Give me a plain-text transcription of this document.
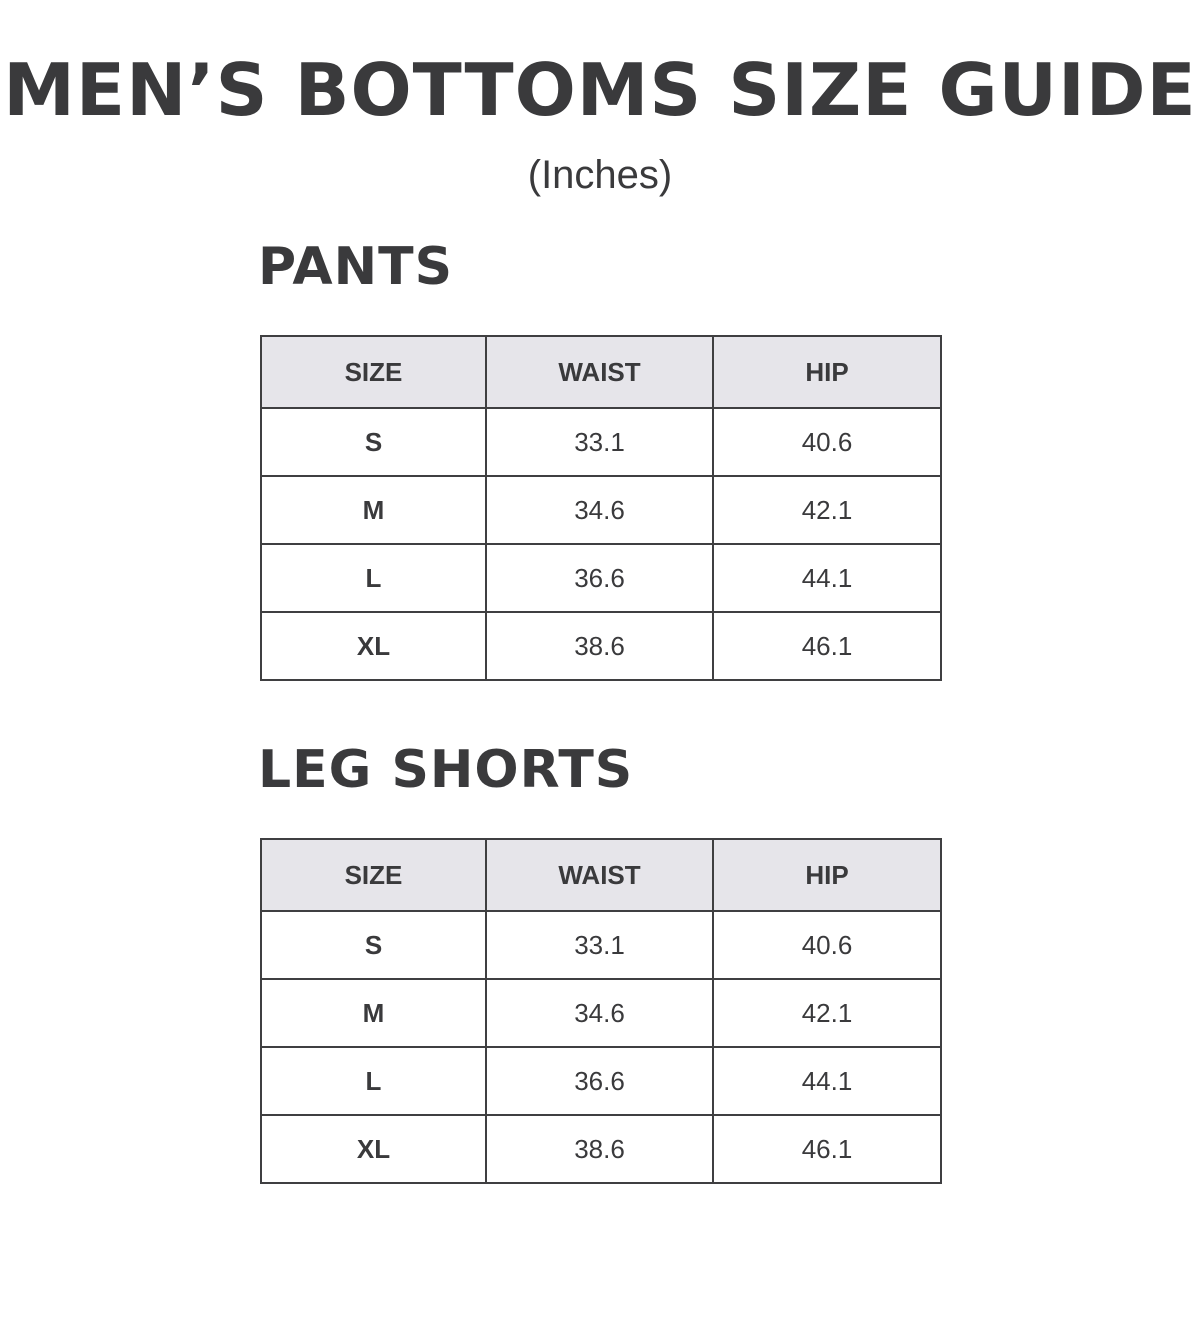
MEN’S BOTTOMS SIZE GUIDE
(Inches)
PANTS
SIZE	WAIST	HIP
S	33.1	40.6
M	34.6	42.1
L	36.6	44.1
XL	38.6	46.1
LEG SHORTS
SIZE	WAIST	HIP
S	33.1	40.6
M	34.6	42.1
L	36.6	44.1
XL	38.6	46.1
